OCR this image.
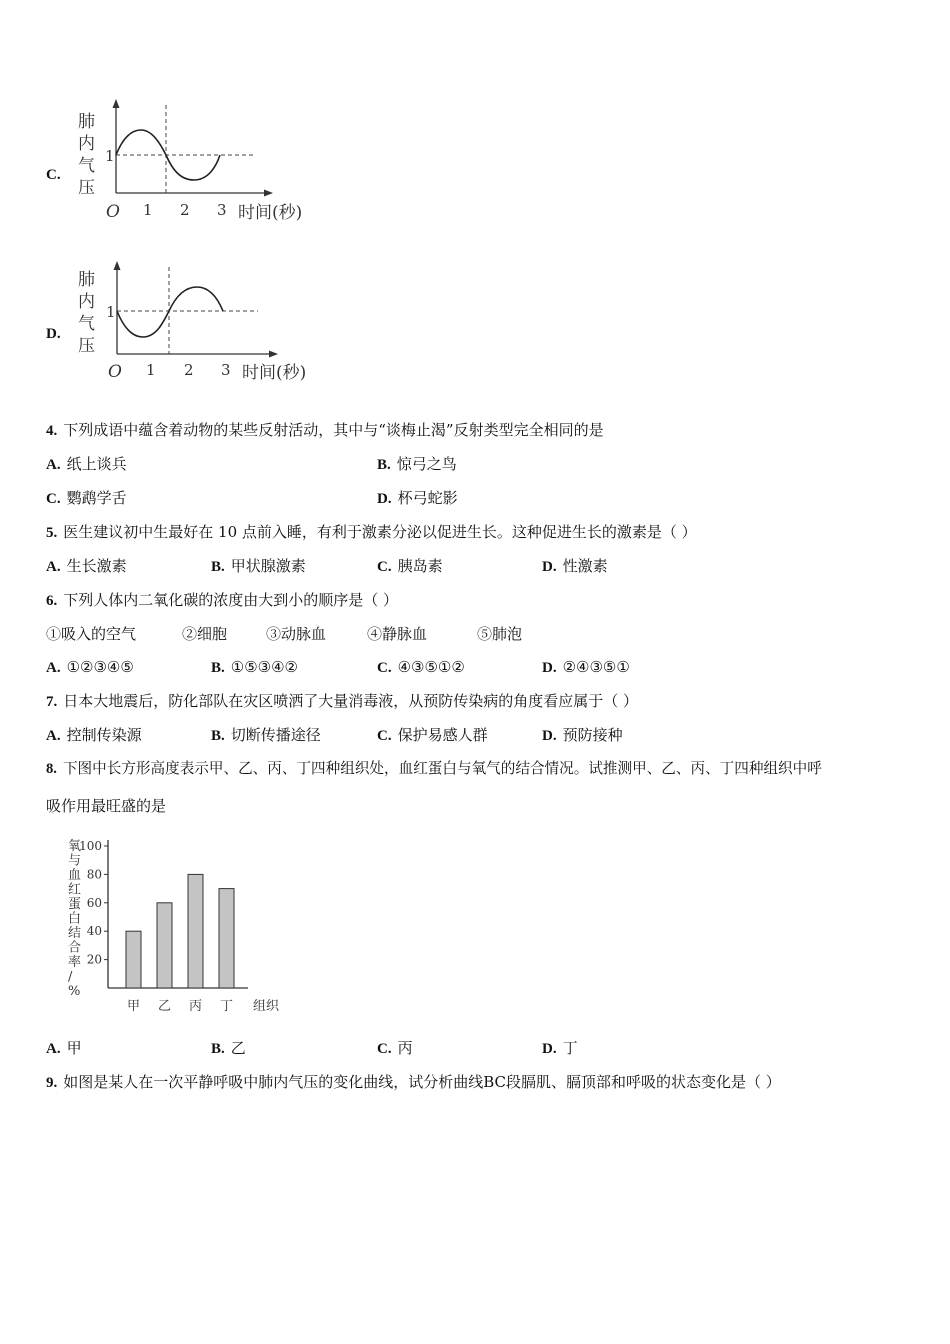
C.
肺
内
气
压
1
O 1 2 3 时间(秒)
D.
肺
内
气
压
1
O 1 2 3 时间(秒)
4. 下列成语中蕴含着动物的某些反射活动，其中与“谈梅止渴”反射类型完全相同的是
A. 纸上谈兵	B. 惊弓之鸟
C. 鹦鹉学舌	D. 杯弓蛇影
5. 医生建议初中生最好在 10 点前入睡，有利于激素分泌以促进生长。这种促进生长的激素是（ ）
A. 生长激素	B. 甲状腺激素	C. 胰岛素	D. 性激素
6. 下列人体内二氧化碳的浓度由大到小的顺序是（ ）
①吸入的空气	②细胞	③动脉血	④静脉血	⑤肺泡
A. ①②③④⑤	B. ①⑤③④②	C. ④③⑤①②	D. ②④③⑤①
7. 日本大地震后，防化部队在灾区喷洒了大量消毒液，从预防传染病的角度看应属于（ ）
A. 控制传染源	B. 切断传播途径	C. 保护易感人群	D. 预防接种
8. 下图中长方形高度表示甲、乙、丙、丁四种组织处，血红蛋白与氧气的结合情况。试推测甲、乙、丙、丁四种组织中呼
吸作用最旺盛的是
氧
与
血
红
蛋
白
结
合
率
/
%
20
40
60
80
100
甲 乙 丙 丁 组织
A. 甲	B. 乙	C. 丙	D. 丁
9. 如图是某人在一次平静呼吸中肺内气压的变化曲线，试分析曲线BC段膈肌、膈顶部和呼吸的状态变化是（ ）
